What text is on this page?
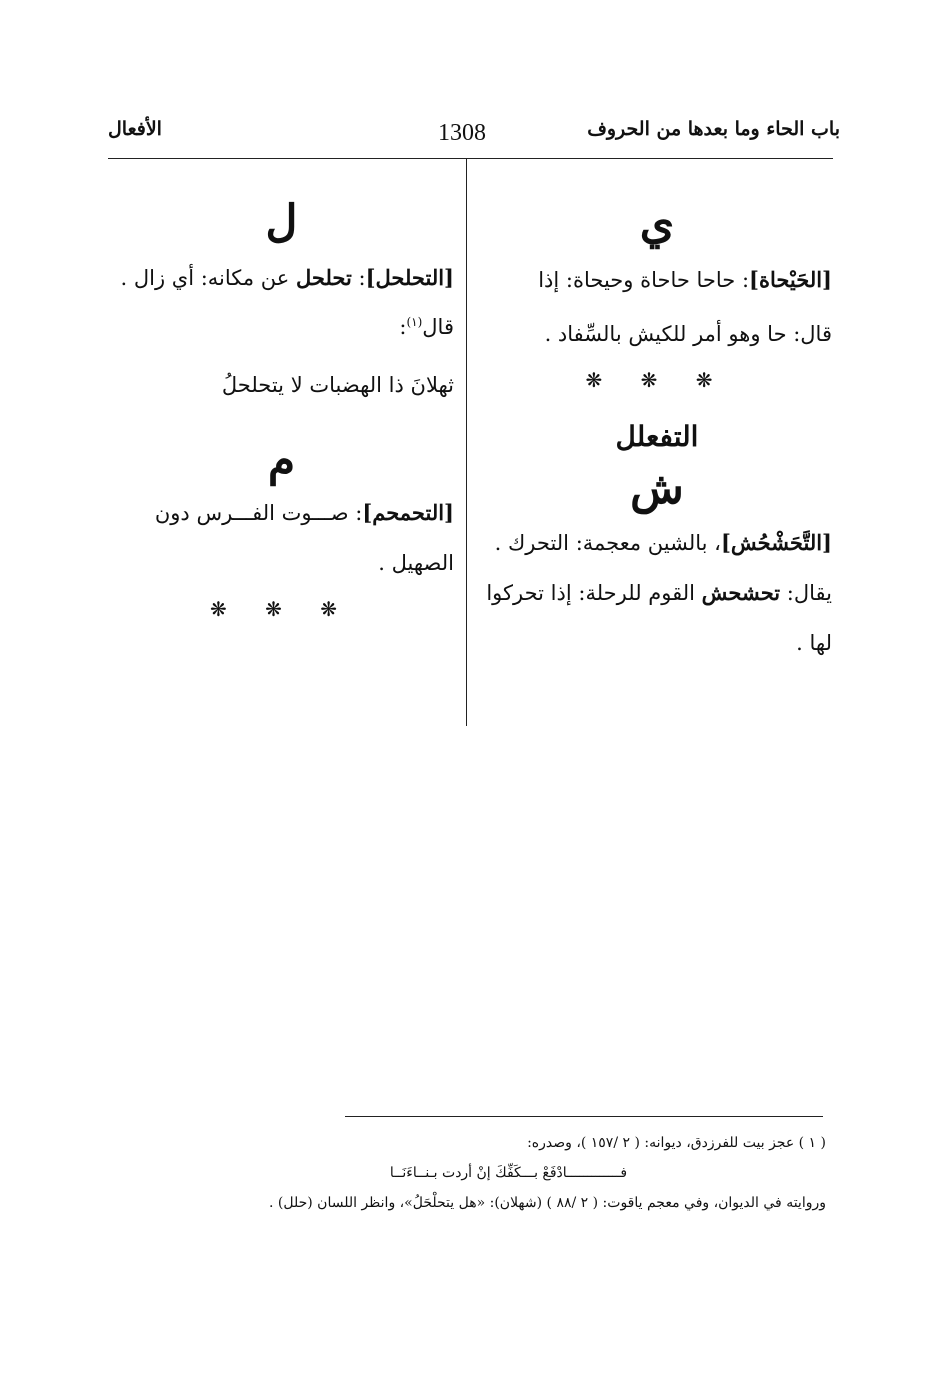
باب الحاء وما بعدها من الحروف
1308
الأفعال
ي

[الحَيْحاة]: حاحا حاحاة وحيحاة: إذا

قال: حا وهو أمر للكيش بالسِّفاد .

❋ ❋ ❋
التفعلل
ش

[التَّحَشْحُش]، بالشين معجمة: التحرك .

يقال: تحشحش القوم للرحلة: إذا تحركوا

لها .

ل

[التحلحل]: تحلحل عن مكانه: أي زال .

قال$^{(١)}$:

ثهلانَ ذا الهضبات لا يتحلحلُ

م

[التحمحم]: صـــوت الفـــرس دون

الصهيل .

❋ ❋ ❋

( ١ ) عجز بيت للفرزدق، ديوانه: ( ٢ /١٥٧ )، وصدره:

فـــــــــــــادْفَعْ بـــكَفِّكَ إنْ أردت بـنــاءَنَــا

وروايته في الديوان، وفي معجم ياقوت: ( ٢ /٨٨ ) (شهلان): «هل يتحلْحَلُ»، وانظر اللسان (حلل) .
